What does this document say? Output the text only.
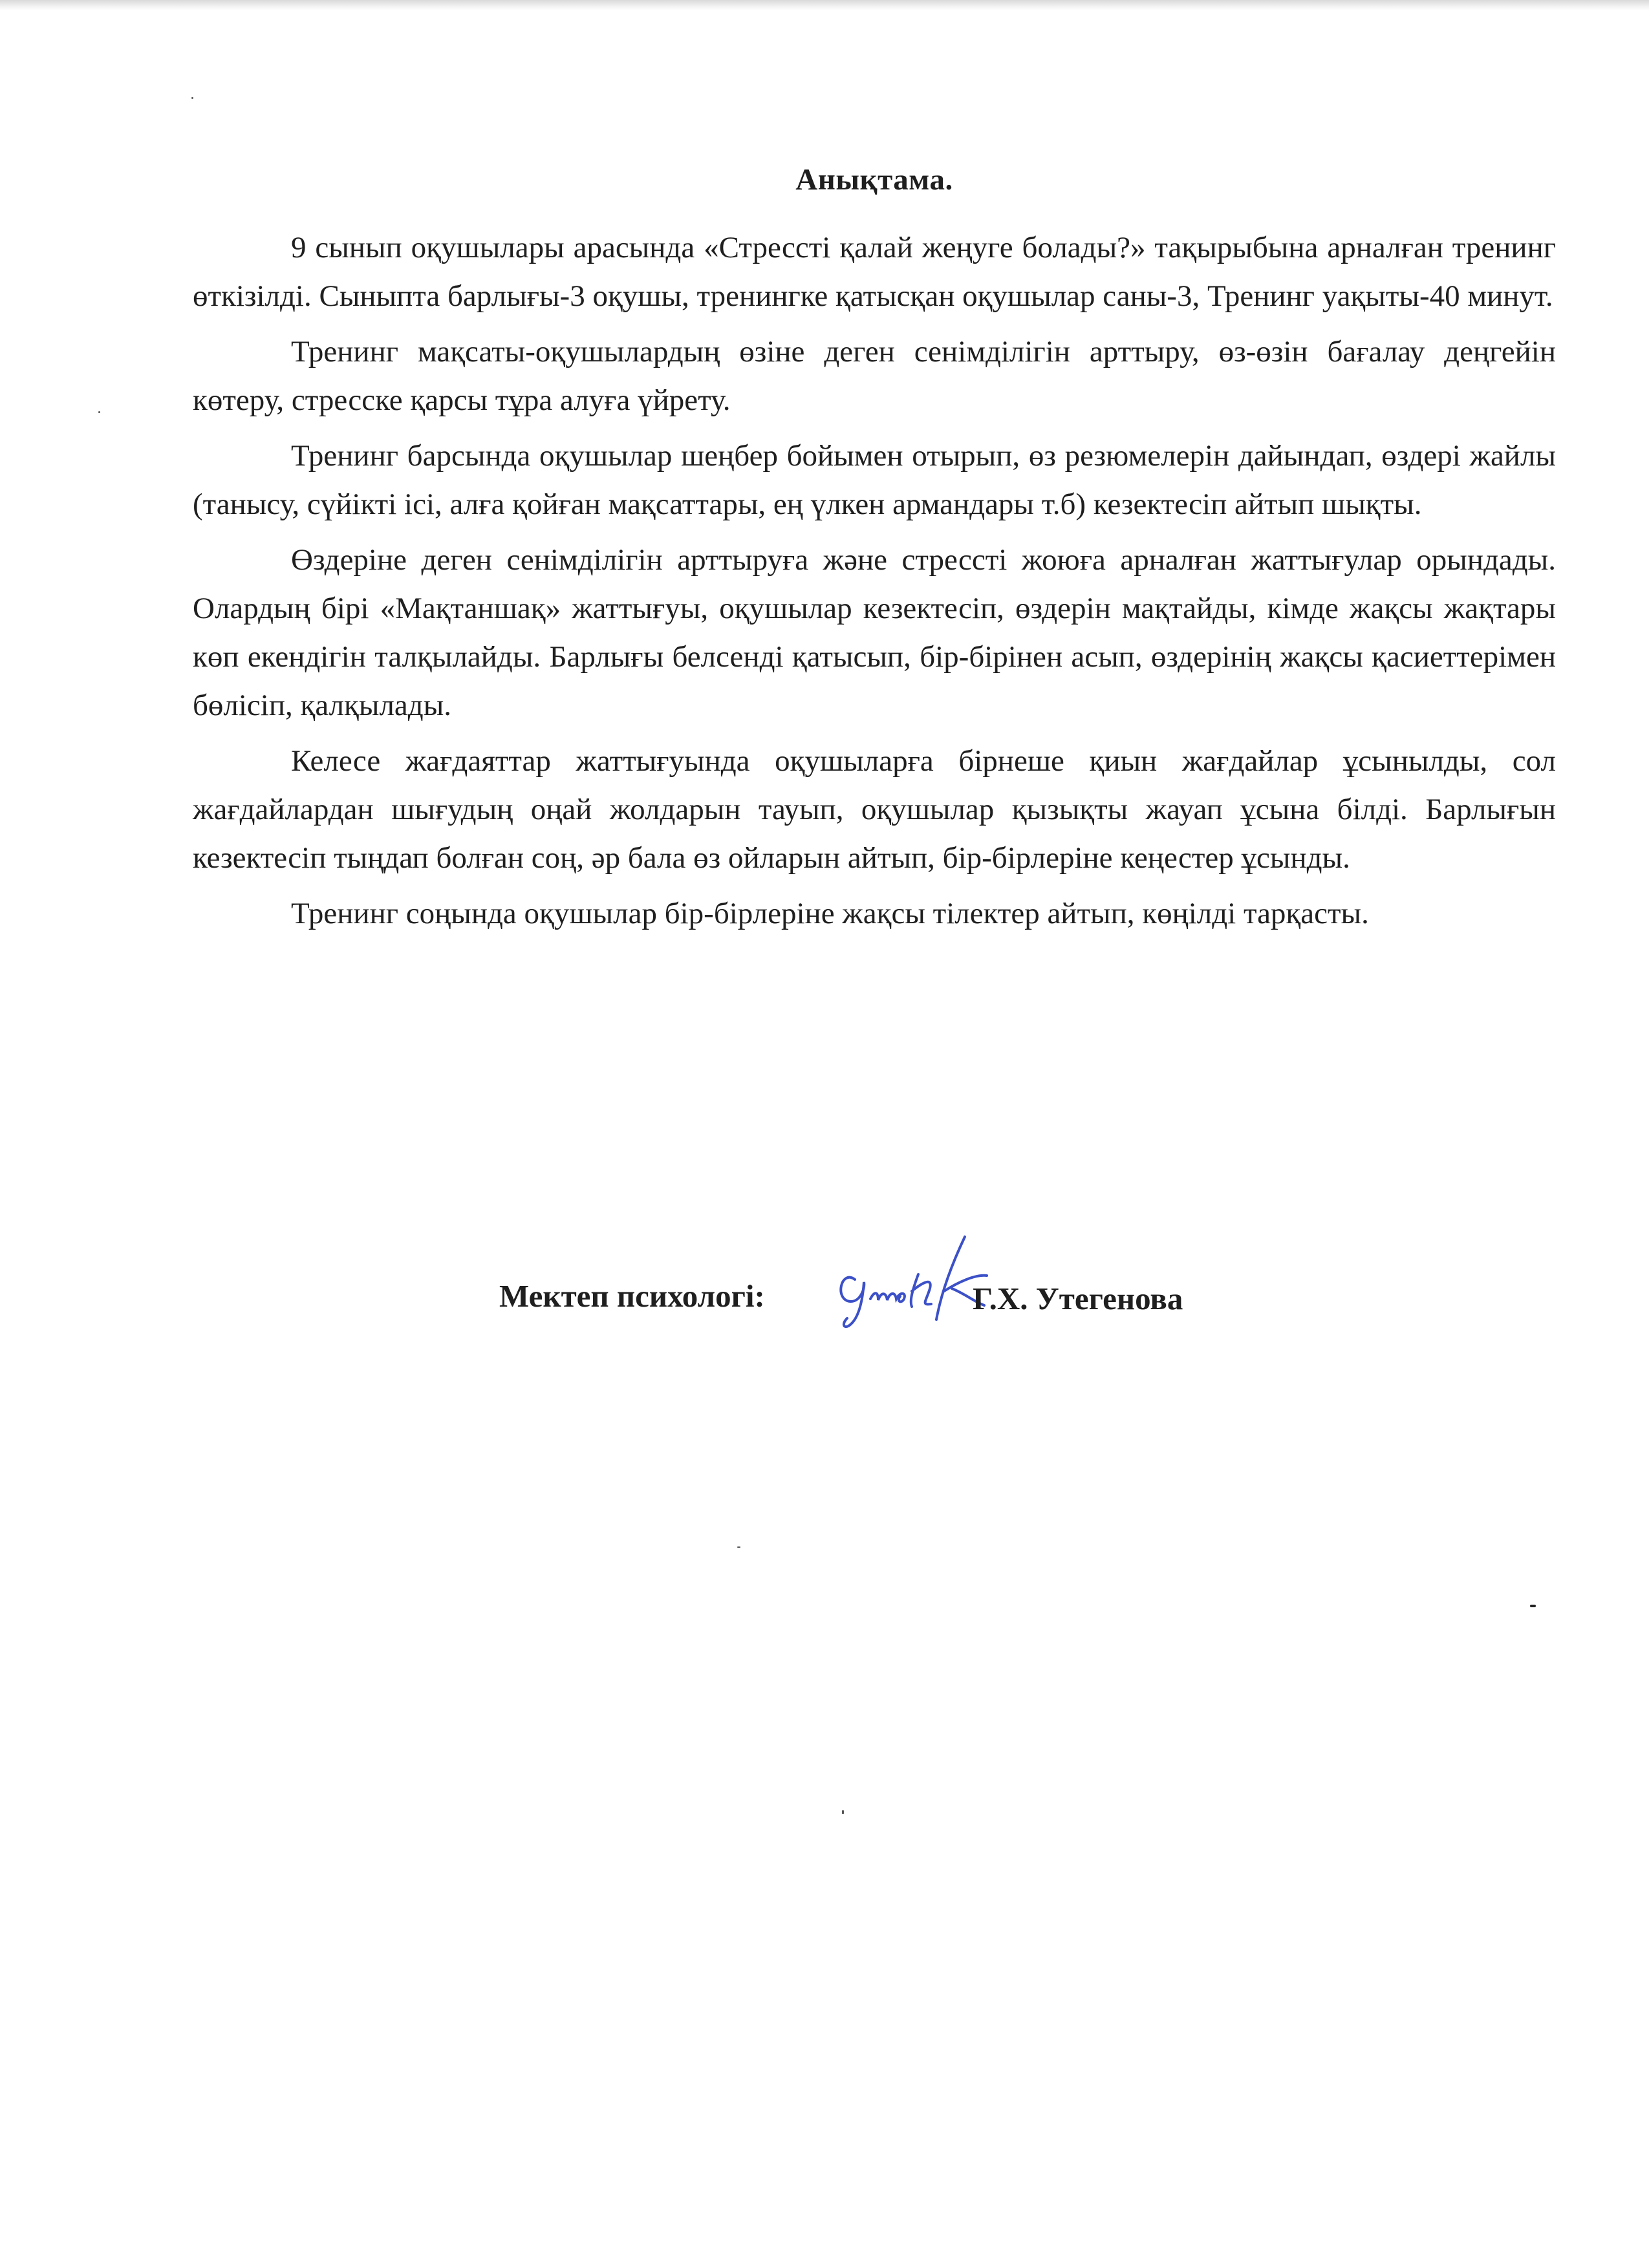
Анықтама.

9 сынып оқушылары арасында «Стрессті қалай жеңуге болады?» тақырыбына арналған тренинг өткізілді. Сыныпта барлығы-3 оқушы, тренингке қатысқан оқушылар саны-3, Тренинг уақыты-40 минут.

Тренинг мақсаты-оқушылардың өзіне деген сенімділігін арттыру, өз-өзін бағалау деңгейін көтеру, стресске қарсы тұра алуға үйрету.

Тренинг барсында оқушылар шеңбер бойымен отырып, өз резюмелерін дайындап, өздері жайлы (танысу, сүйікті ісі, алға қойған мақсаттары, ең үлкен армандары т.б) кезектесіп айтып шықты.

Өздеріне деген сенімділігін арттыруға және стрессті жоюға арналған жаттығулар орындады. Олардың бірі «Мақтаншақ» жаттығуы, оқушылар кезектесіп, өздерін мақтайды, кімде жақсы жақтары көп екендігін талқылайды. Барлығы белсенді қатысып, бір-бірінен асып, өздерінің жақсы қасиеттерімен бөлісіп, қалқылады.

Келесе жағдаяттар жаттығуында оқушыларға бірнеше қиын жағдайлар ұсынылды, сол жағдайлардан шығудың оңай жолдарын тауып, оқушылар қызықты жауап ұсына білді. Барлығын кезектесіп тыңдап болған соң, әр бала өз ойларын айтып, бір-бірлеріне кеңестер ұсынды.

Тренинг соңында оқушылар бір-бірлеріне жақсы тілектер айтып, көңілді тарқасты.

Мектеп психологі:	Г.Х. Утегенова
